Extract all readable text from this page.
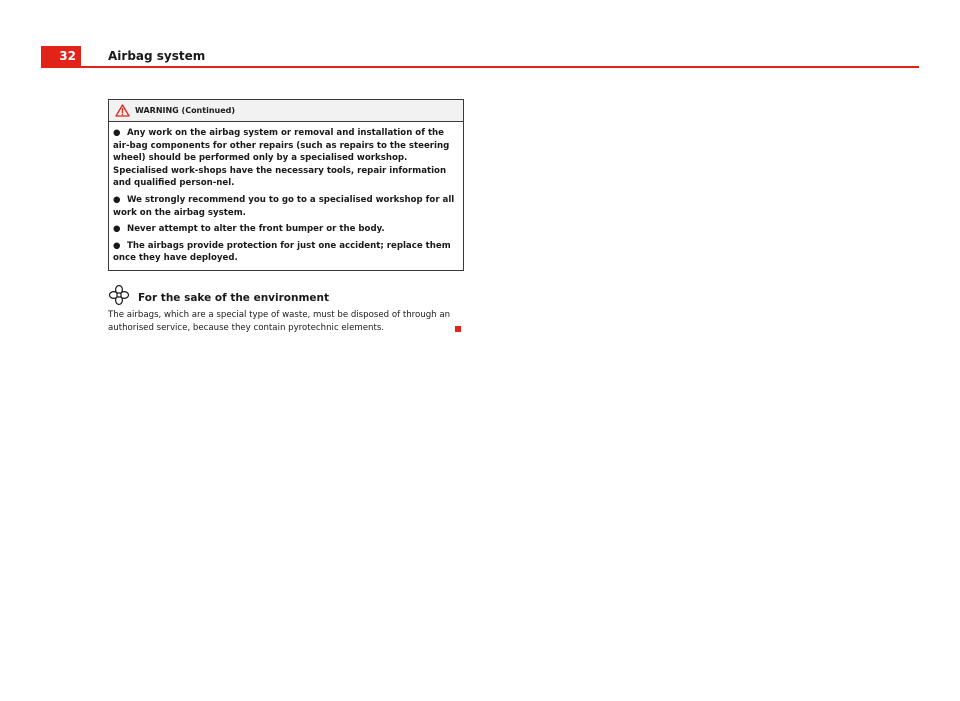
32	Airbag system
WARNING (Continued)

● Any work on the airbag system or removal and installation of the air-bag components for other repairs (such as repairs to the steering wheel) should be performed only by a specialised workshop. Specialised work-shops have the necessary tools, repair information and qualified person-nel.

● We strongly recommend you to go to a specialised workshop for all work on the airbag system.

● Never attempt to alter the front bumper or the body.

● The airbags provide protection for just one accident; replace them once they have deployed.

For the sake of the environment

The airbags, which are a special type of waste, must be disposed of through an authorised service, because they contain pyrotechnic elements.
